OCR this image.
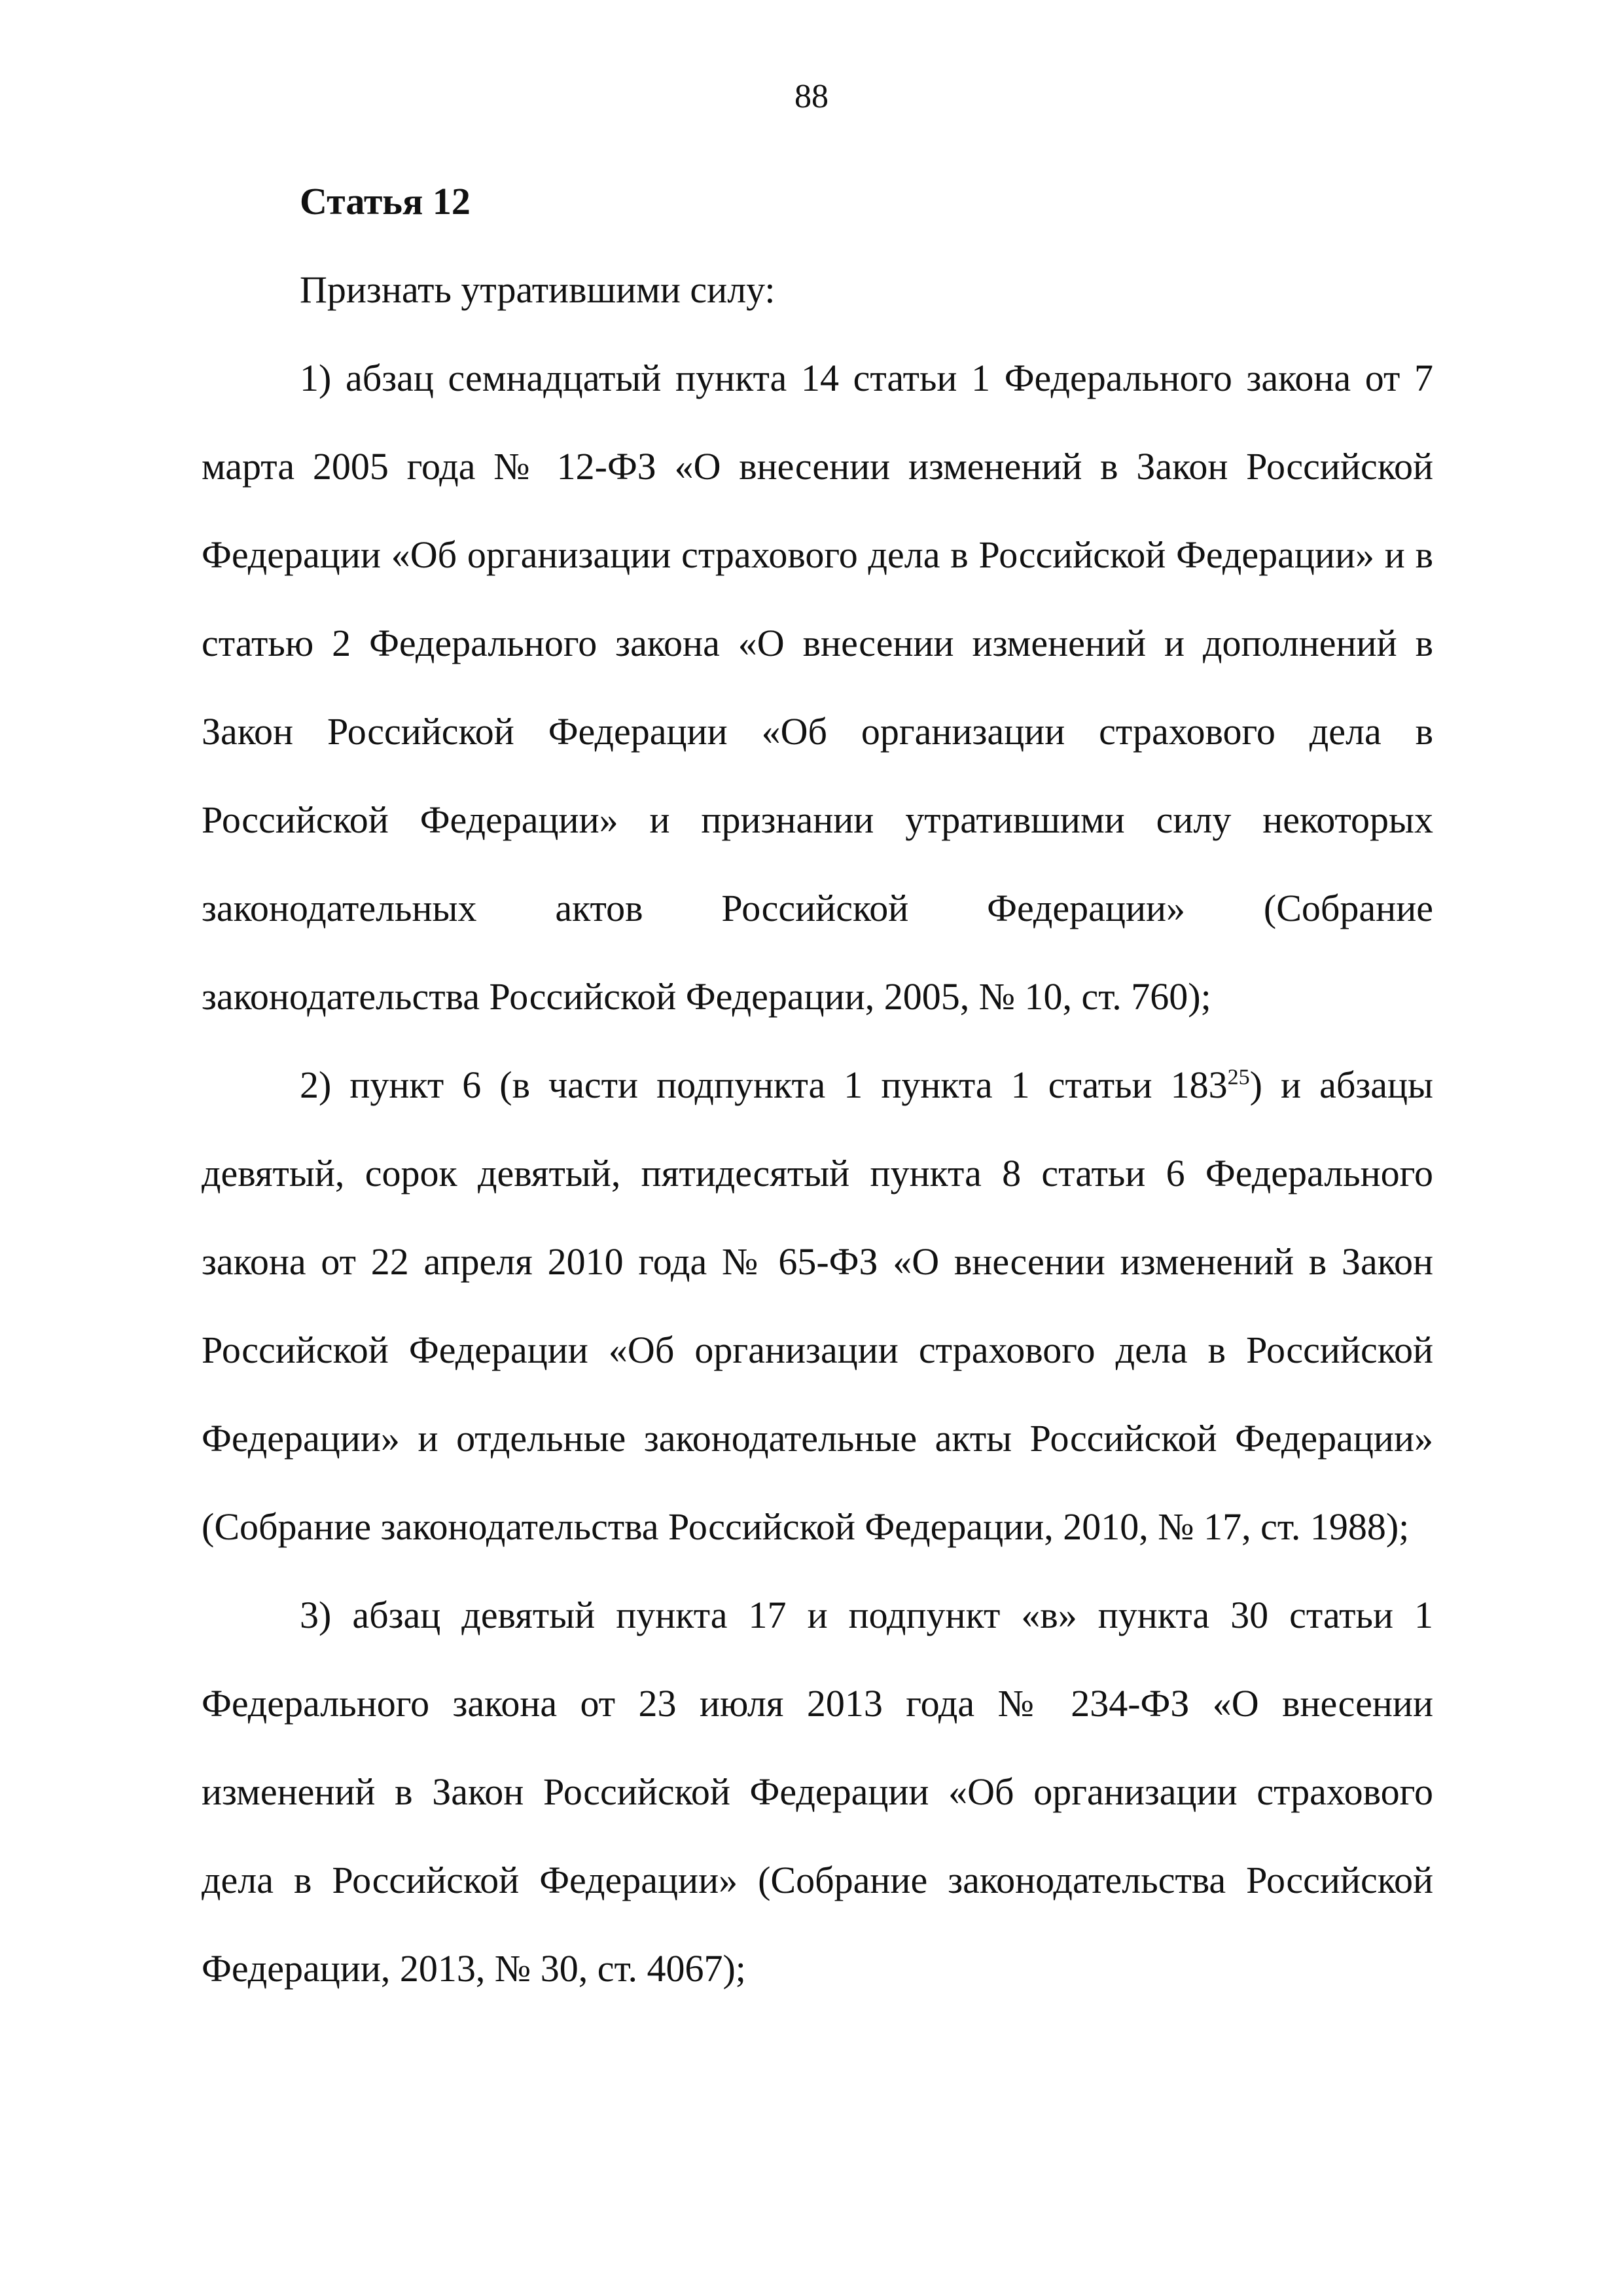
88

Статья 12

Признать утратившими силу:

1) абзац семнадцатый пункта 14 статьи 1 Федерального закона от 7 марта 2005 года № 12-ФЗ «О внесении изменений в Закон Российской Федерации «Об организации страхового дела в Российской Федерации» и в статью 2 Федерального закона «О внесении изменений и дополнений в Закон Российской Федерации «Об организации страхового дела в Российской Федерации» и признании утратившими силу некоторых законодательных актов Российской Федерации» (Собрание законодательства Российской Федерации, 2005, № 10, ст. 760);

2) пункт 6 (в части подпункта 1 пункта 1 статьи $183^{25}$) и абзацы девятый, сорок девятый, пятидесятый пункта 8 статьи 6 Федерального закона от 22 апреля 2010 года № 65-ФЗ «О внесении изменений в Закон Российской Федерации «Об организации страхового дела в Российской Федерации» и отдельные законодательные акты Российской Федерации» (Собрание законодательства Российской Федерации, 2010, № 17, ст. 1988);

3) абзац девятый пункта 17 и подпункт «в» пункта 30 статьи 1 Федерального закона от 23 июля 2013 года № 234-ФЗ «О внесении изменений в Закон Российской Федерации «Об организации страхового дела в Российской Федерации» (Собрание законодательства Российской Федерации, 2013, № 30, ст. 4067);
